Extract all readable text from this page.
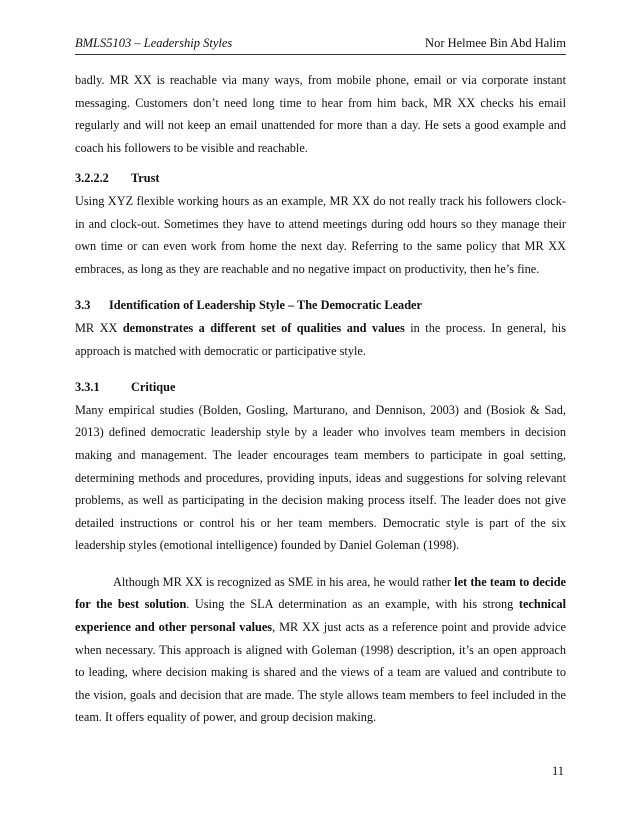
BMLS5103 – Leadership Styles	Nor Helmee Bin Abd Halim

badly. MR XX is reachable via many ways, from mobile phone, email or via corporate instant messaging. Customers don’t need long time to hear from him back, MR XX checks his email regularly and will not keep an email unattended for more than a day. He sets a good example and coach his followers to be visible and reachable.

3.2.2.2 Trust

Using XYZ flexible working hours as an example, MR XX do not really track his followers clock-in and clock-out. Sometimes they have to attend meetings during odd hours so they manage their own time or can even work from home the next day. Referring to the same policy that MR XX embraces, as long as they are reachable and no negative impact on productivity, then he’s fine.

3.3 Identification of Leadership Style – The Democratic Leader

MR XX demonstrates a different set of qualities and values in the process. In general, his approach is matched with democratic or participative style.

3.3.1	Critique

Many empirical studies (Bolden, Gosling, Marturano, and Dennison, 2003) and (Bosiok & Sad, 2013) defined democratic leadership style by a leader who involves team members in decision making and management. The leader encourages team members to participate in goal setting, determining methods and procedures, providing inputs, ideas and suggestions for solving relevant problems, as well as participating in the decision making process itself. The leader does not give detailed instructions or control his or her team members. Democratic style is part of the six leadership styles (emotional intelligence) founded by Daniel Goleman (1998).

Although MR XX is recognized as SME in his area, he would rather let the team to decide for the best solution. Using the SLA determination as an example, with his strong technical experience and other personal values, MR XX just acts as a reference point and provide advice when necessary. This approach is aligned with Goleman (1998) description, it’s an open approach to leading, where decision making is shared and the views of a team are valued and contribute to the vision, goals and decision that are made. The style allows team members to feel included in the team. It offers equality of power, and group decision making.

11
